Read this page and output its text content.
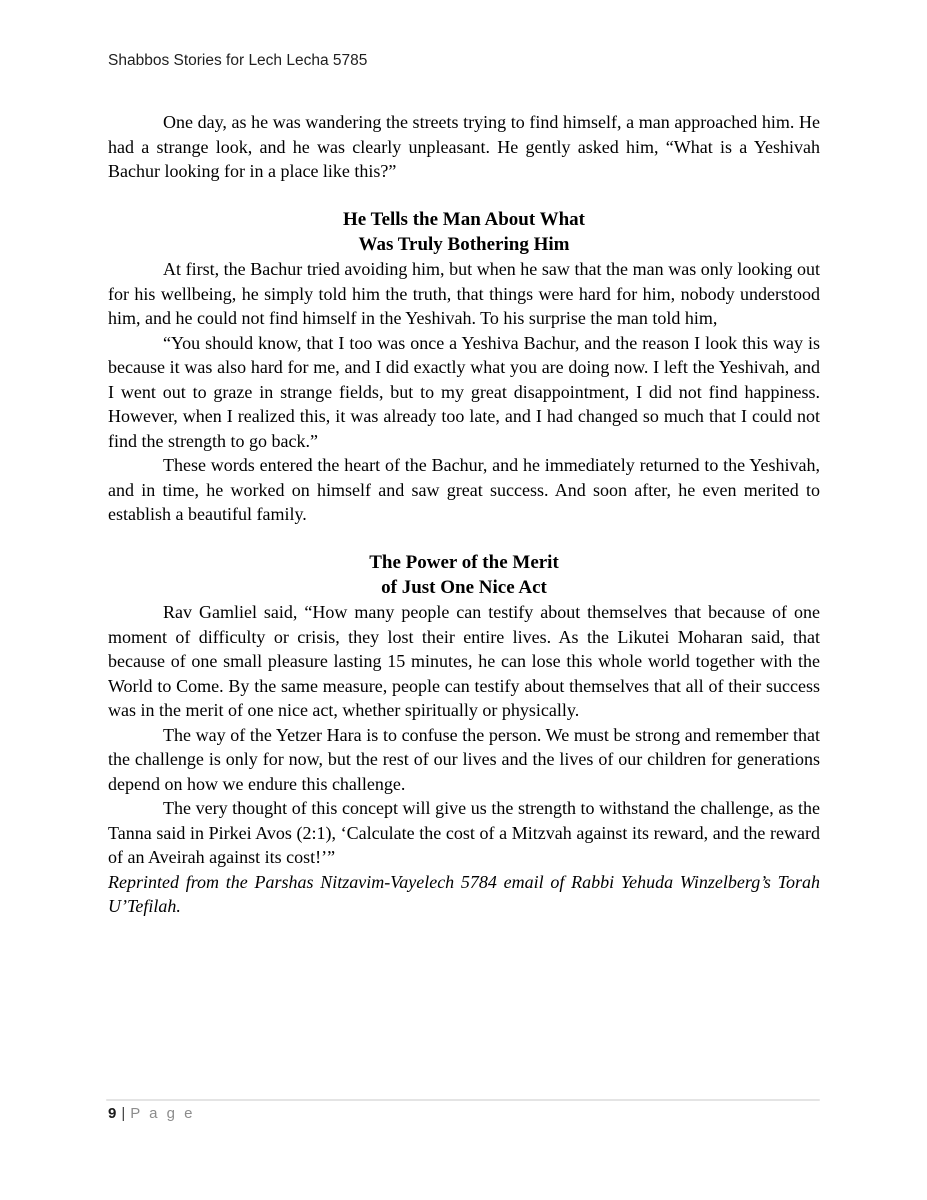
Shabbos Stories for Lech Lecha 5785

One day, as he was wandering the streets trying to find himself, a man approached him. He had a strange look, and he was clearly unpleasant. He gently asked him, “What is a Yeshivah Bachur looking for in a place like this?”

He Tells the Man About What
Was Truly Bothering Him

At first, the Bachur tried avoiding him, but when he saw that the man was only looking out for his wellbeing, he simply told him the truth, that things were hard for him, nobody understood him, and he could not find himself in the Yeshivah. To his surprise the man told him,

“You should know, that I too was once a Yeshiva Bachur, and the reason I look this way is because it was also hard for me, and I did exactly what you are doing now. I left the Yeshivah, and I went out to graze in strange fields, but to my great disappointment, I did not find happiness. However, when I realized this, it was already too late, and I had changed so much that I could not find the strength to go back.”

These words entered the heart of the Bachur, and he immediately returned to the Yeshivah, and in time, he worked on himself and saw great success. And soon after, he even merited to establish a beautiful family.

The Power of the Merit
of Just One Nice Act

Rav Gamliel said, “How many people can testify about themselves that because of one moment of difficulty or crisis, they lost their entire lives. As the Likutei Moharan said, that because of one small pleasure lasting 15 minutes, he can lose this whole world together with the World to Come. By the same measure, people can testify about themselves that all of their success was in the merit of one nice act, whether spiritually or physically.

The way of the Yetzer Hara is to confuse the person. We must be strong and remember that the challenge is only for now, but the rest of our lives and the lives of our children for generations depend on how we endure this challenge.

The very thought of this concept will give us the strength to withstand the challenge, as the Tanna said in Pirkei Avos (2:1), ‘Calculate the cost of a Mitzvah against its reward, and the reward of an Aveirah against its cost!’”

Reprinted from the Parshas Nitzavim-Vayelech 5784 email of Rabbi Yehuda Winzelberg’s Torah U’Tefilah.

9 | P a g e
